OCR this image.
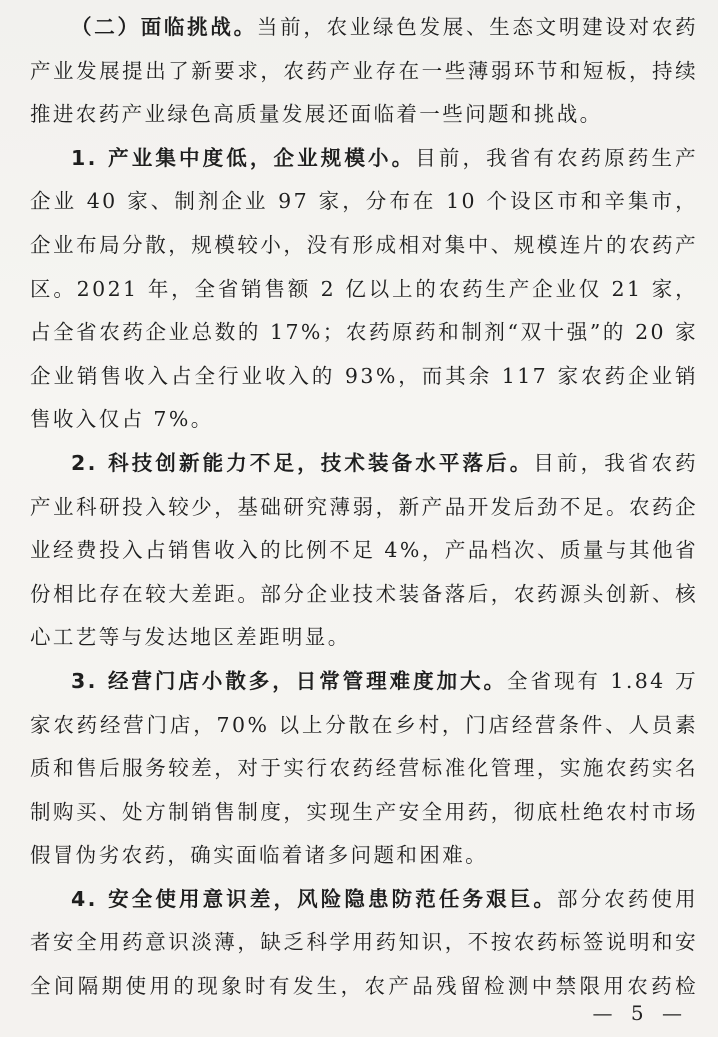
（二）面临挑战。当前，农业绿色发展、生态文明建设对农药产业发展提出了新要求，农药产业存在一些薄弱环节和短板，持续推进农药产业绿色高质量发展还面临着一些问题和挑战。

1. 产业集中度低，企业规模小。目前，我省有农药原药生产企业 40 家、制剂企业 97 家，分布在 10 个设区市和辛集市，企业布局分散，规模较小，没有形成相对集中、规模连片的农药产区。2021 年，全省销售额 2 亿以上的农药生产企业仅 21 家，占全省农药企业总数的 17%；农药原药和制剂“双十强”的 20 家企业销售收入占全行业收入的 93%，而其余 117 家农药企业销售收入仅占 7%。

2. 科技创新能力不足，技术装备水平落后。目前，我省农药产业科研投入较少，基础研究薄弱，新产品开发后劲不足。农药企业经费投入占销售收入的比例不足 4%，产品档次、质量与其他省份相比存在较大差距。部分企业技术装备落后，农药源头创新、核心工艺等与发达地区差距明显。

3. 经营门店小散多，日常管理难度加大。全省现有 1.84 万家农药经营门店，70% 以上分散在乡村，门店经营条件、人员素质和售后服务较差，对于实行农药经营标准化管理，实施农药实名制购买、处方制销售制度，实现生产安全用药，彻底杜绝农村市场假冒伪劣农药，确实面临着诸多问题和困难。

4. 安全使用意识差，风险隐患防范任务艰巨。部分农药使用者安全用药意识淡薄，缺乏科学用药知识，不按农药标签说明和安全间隔期使用的现象时有发生，农产品残留检测中禁限用农药检

— 5 —
